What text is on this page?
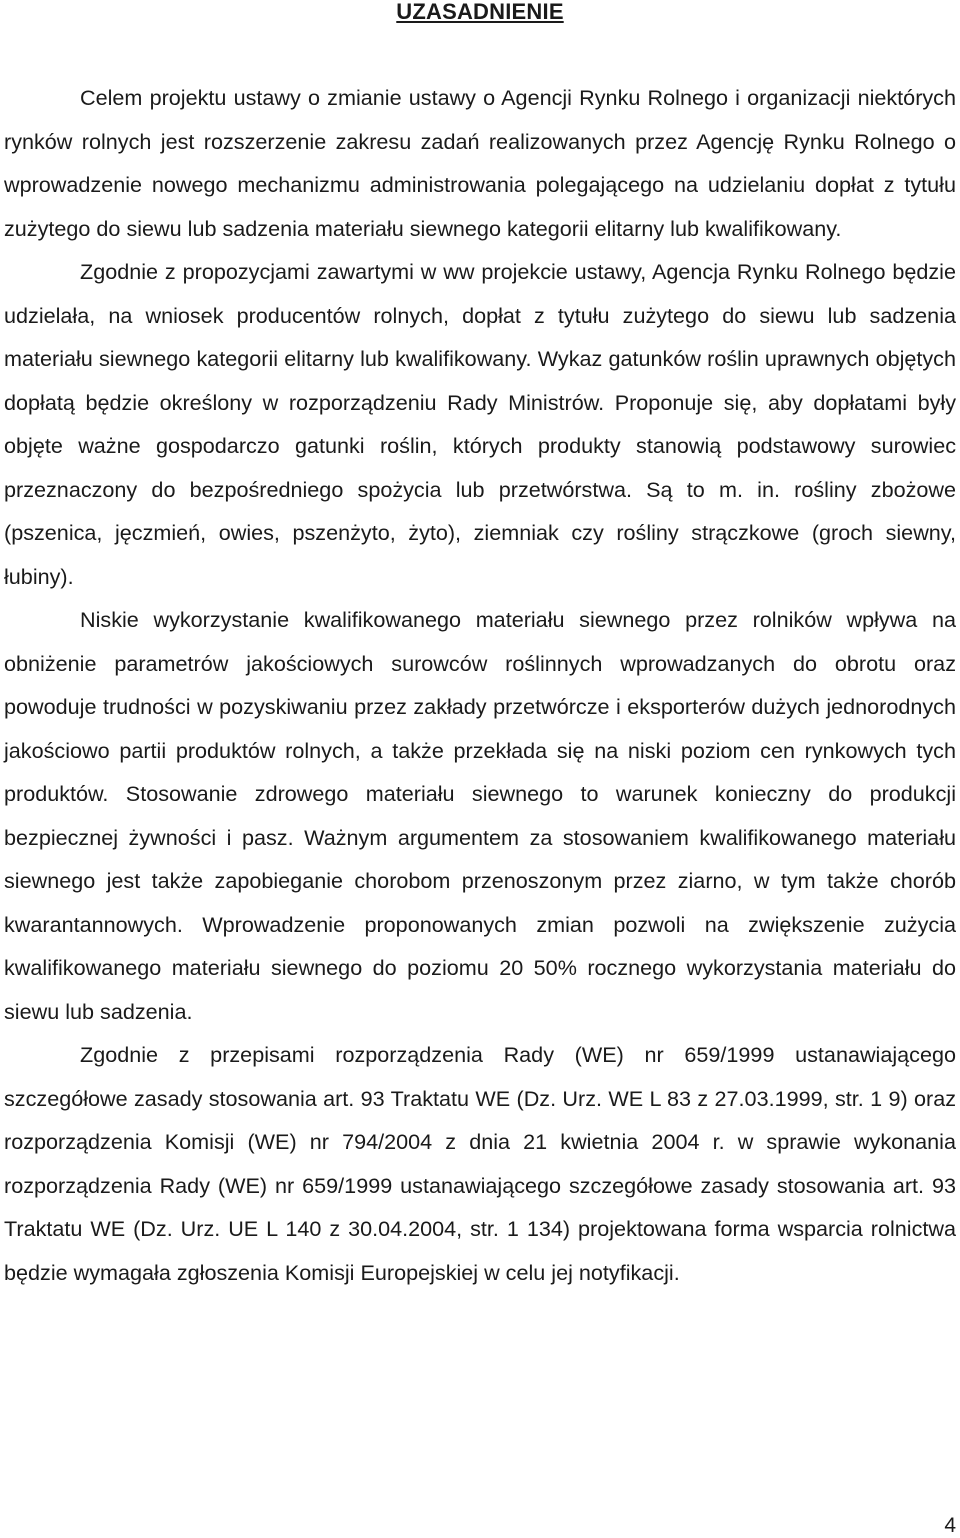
UZASADNIENIE

Celem projektu ustawy o zmianie ustawy o Agencji Rynku Rolnego i organizacji niektórych rynków rolnych jest rozszerzenie zakresu zadań realizowanych przez Agencję Rynku Rolnego o wprowadzenie nowego mechanizmu administrowania polegającego na udzielaniu dopłat z tytułu zużytego do siewu lub sadzenia materiału siewnego kategorii elitarny lub kwalifikowany.

Zgodnie z propozycjami zawartymi w ww projekcie ustawy, Agencja Rynku Rolnego będzie udzielała, na wniosek producentów rolnych, dopłat z tytułu zużytego do siewu lub sadzenia materiału siewnego kategorii elitarny lub kwalifikowany. Wykaz gatunków roślin uprawnych objętych dopłatą będzie określony w rozporządzeniu Rady Ministrów. Proponuje się, aby dopłatami były objęte ważne gospodarczo gatunki roślin, których produkty stanowią podstawowy surowiec przeznaczony do bezpośredniego spożycia lub przetwórstwa. Są to m. in. rośliny zbożowe (pszenica, jęczmień, owies, pszenżyto, żyto), ziemniak czy rośliny strączkowe (groch siewny, łubiny).

Niskie wykorzystanie kwalifikowanego materiału siewnego przez rolników wpływa na obniżenie parametrów jakościowych surowców roślinnych wprowadzanych do obrotu oraz powoduje trudności w pozyskiwaniu przez zakłady przetwórcze i eksporterów dużych jednorodnych jakościowo partii produktów rolnych, a także przekłada się na niski poziom cen rynkowych tych produktów. Stosowanie zdrowego materiału siewnego to warunek konieczny do produkcji bezpiecznej żywności i pasz. Ważnym argumentem za stosowaniem kwalifikowanego materiału siewnego jest także zapobieganie chorobom przenoszonym przez ziarno, w tym także chorób kwarantannowych. Wprowadzenie proponowanych zmian pozwoli na zwiększenie zużycia kwalifikowanego materiału siewnego do poziomu 20 50% rocznego wykorzystania materiału do siewu lub sadzenia.

Zgodnie z przepisami rozporządzenia Rady (WE) nr 659/1999 ustanawiającego szczegółowe zasady stosowania art. 93 Traktatu WE (Dz. Urz. WE L 83 z 27.03.1999, str. 1 9) oraz rozporządzenia Komisji (WE) nr 794/2004 z dnia 21 kwietnia 2004 r. w sprawie wykonania rozporządzenia Rady (WE) nr 659/1999 ustanawiającego szczegółowe zasady stosowania art. 93 Traktatu WE (Dz. Urz. UE L 140 z 30.04.2004, str. 1 134) projektowana forma wsparcia rolnictwa będzie wymagała zgłoszenia Komisji Europejskiej w celu jej notyfikacji.

4
